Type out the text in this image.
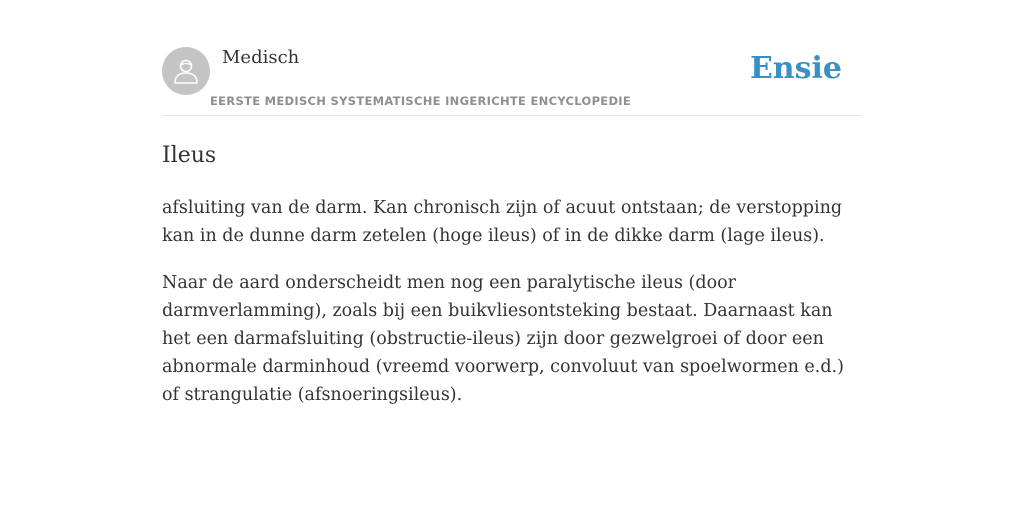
Medisch
EERSTE MEDISCH SYSTEMATISCHE INGERICHTE ENCYCLOPEDIE
Ensie
Ileus

afsluiting van de darm. Kan chronisch zijn of acuut ontstaan; de verstopping kan in de dunne darm zetelen (hoge ileus) of in de dikke darm (lage ileus).

Naar de aard onderscheidt men nog een paralytische ileus (door darmverlamming), zoals bij een buikvliesontsteking bestaat. Daarnaast kan het een darmafsluiting (obstructie-ileus) zijn door gezwelgroei of door een abnormale darminhoud (vreemd voorwerp, convoluut van spoelwormen e.d.) of strangulatie (afsnoeringsileus).
